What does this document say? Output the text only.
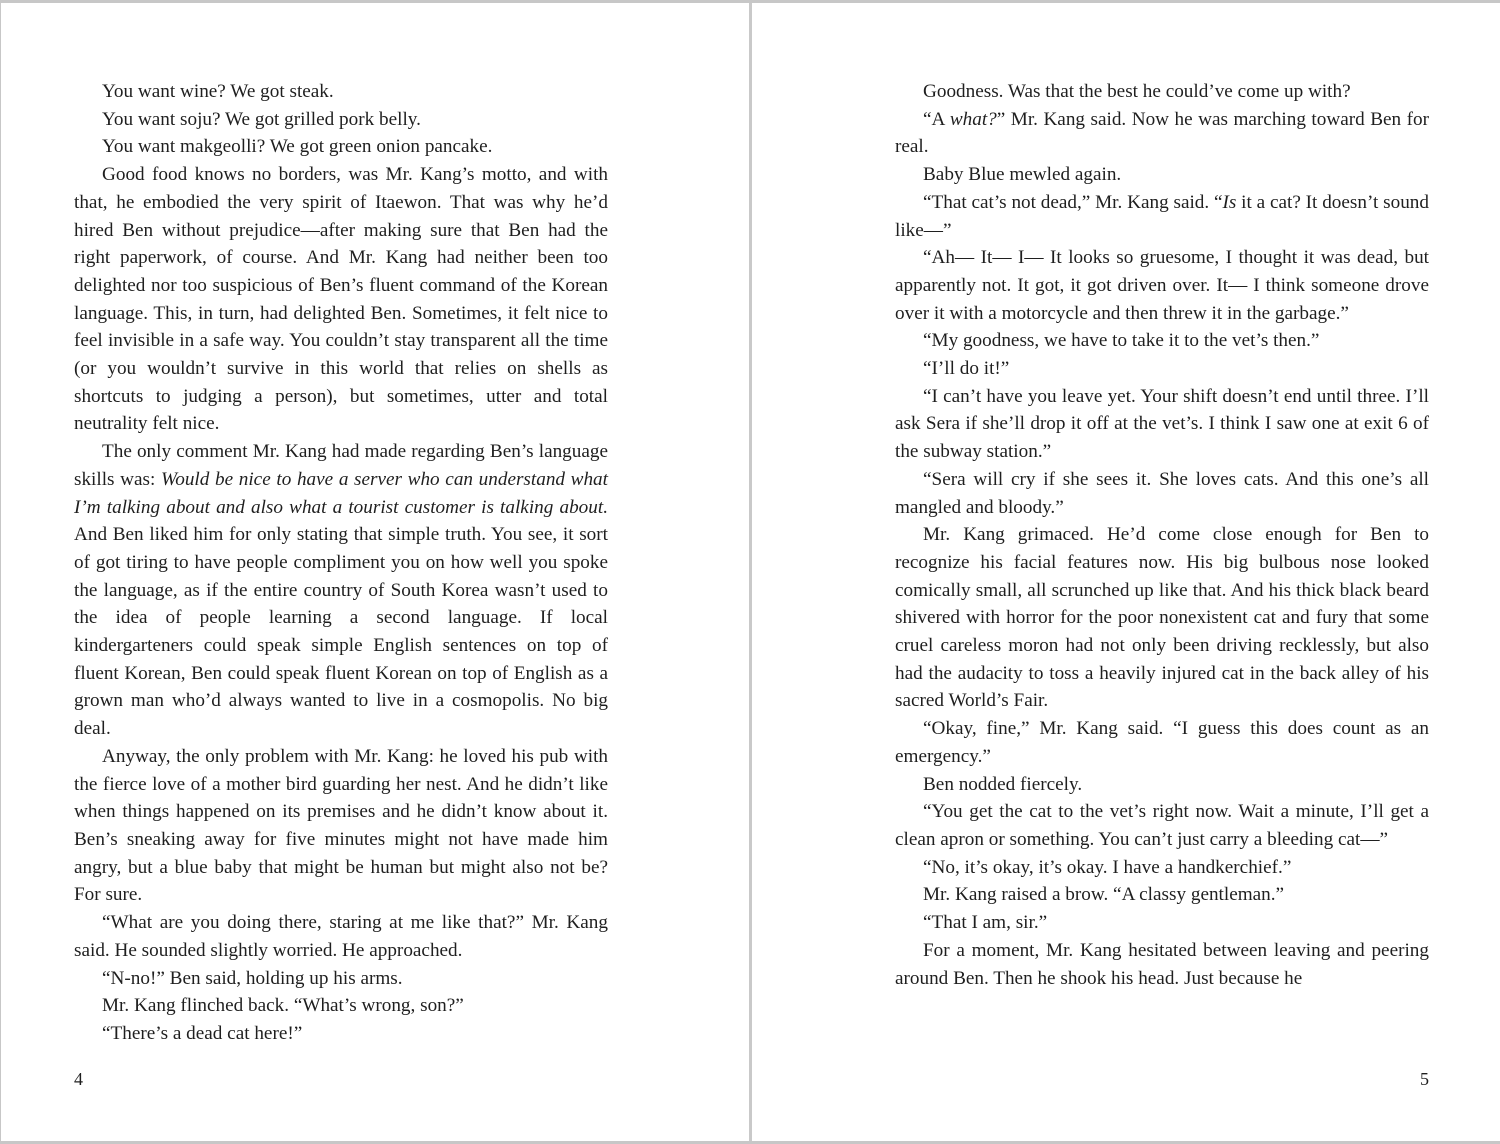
You want wine? We got steak.

You want soju? We got grilled pork belly.

You want makgeolli? We got green onion pancake.

Good food knows no borders, was Mr. Kang’s motto, and with that, he embodied the very spirit of Itaewon. That was why he’d hired Ben without prejudice—after making sure that Ben had the right paperwork, of course. And Mr. Kang had neither been too delighted nor too suspicious of Ben’s fluent command of the Korean language. This, in turn, had delighted Ben. Sometimes, it felt nice to feel invisible in a safe way. You couldn’t stay transparent all the time (or you wouldn’t survive in this world that relies on shells as shortcuts to judging a person), but sometimes, utter and total neutrality felt nice.

The only comment Mr. Kang had made regarding Ben’s language skills was: Would be nice to have a server who can understand what I’m talking about and also what a tourist customer is talking about. And Ben liked him for only stating that simple truth. You see, it sort of got tiring to have people compliment you on how well you spoke the language, as if the entire country of South Korea wasn’t used to the idea of people learning a second language. If local kindergarteners could speak simple English sentences on top of fluent Korean, Ben could speak fluent Korean on top of English as a grown man who’d always wanted to live in a cosmopolis. No big deal.

Anyway, the only problem with Mr. Kang: he loved his pub with the fierce love of a mother bird guarding her nest. And he didn’t like when things happened on its premises and he didn’t know about it. Ben’s sneaking away for five minutes might not have made him angry, but a blue baby that might be human but might also not be? For sure.

“What are you doing there, staring at me like that?” Mr. Kang said. He sounded slightly worried. He approached.

“N-no!” Ben said, holding up his arms.

Mr. Kang flinched back. “What’s wrong, son?”

“There’s a dead cat here!”

4

Goodness. Was that the best he could’ve come up with?

“A what?” Mr. Kang said. Now he was marching toward Ben for real.

Baby Blue mewled again.

“That cat’s not dead,” Mr. Kang said. “Is it a cat? It doesn’t sound like—”

“Ah— It— I— It looks so gruesome, I thought it was dead, but apparently not. It got, it got driven over. It— I think someone drove over it with a motorcycle and then threw it in the garbage.”

“My goodness, we have to take it to the vet’s then.”

“I’ll do it!”

“I can’t have you leave yet. Your shift doesn’t end until three. I’ll ask Sera if she’ll drop it off at the vet’s. I think I saw one at exit 6 of the subway station.”

“Sera will cry if she sees it. She loves cats. And this one’s all mangled and bloody.”

Mr. Kang grimaced. He’d come close enough for Ben to recognize his facial features now. His big bulbous nose looked comically small, all scrunched up like that. And his thick black beard shivered with horror for the poor nonexistent cat and fury that some cruel careless moron had not only been driving recklessly, but also had the audacity to toss a heavily injured cat in the back alley of his sacred World’s Fair.

“Okay, fine,” Mr. Kang said. “I guess this does count as an emergency.”

Ben nodded fiercely.

“You get the cat to the vet’s right now. Wait a minute, I’ll get a clean apron or something. You can’t just carry a bleeding cat—”

“No, it’s okay, it’s okay. I have a handkerchief.”

Mr. Kang raised a brow. “A classy gentleman.”

“That I am, sir.”

For a moment, Mr. Kang hesitated between leaving and peering around Ben. Then he shook his head. Just because he

5
